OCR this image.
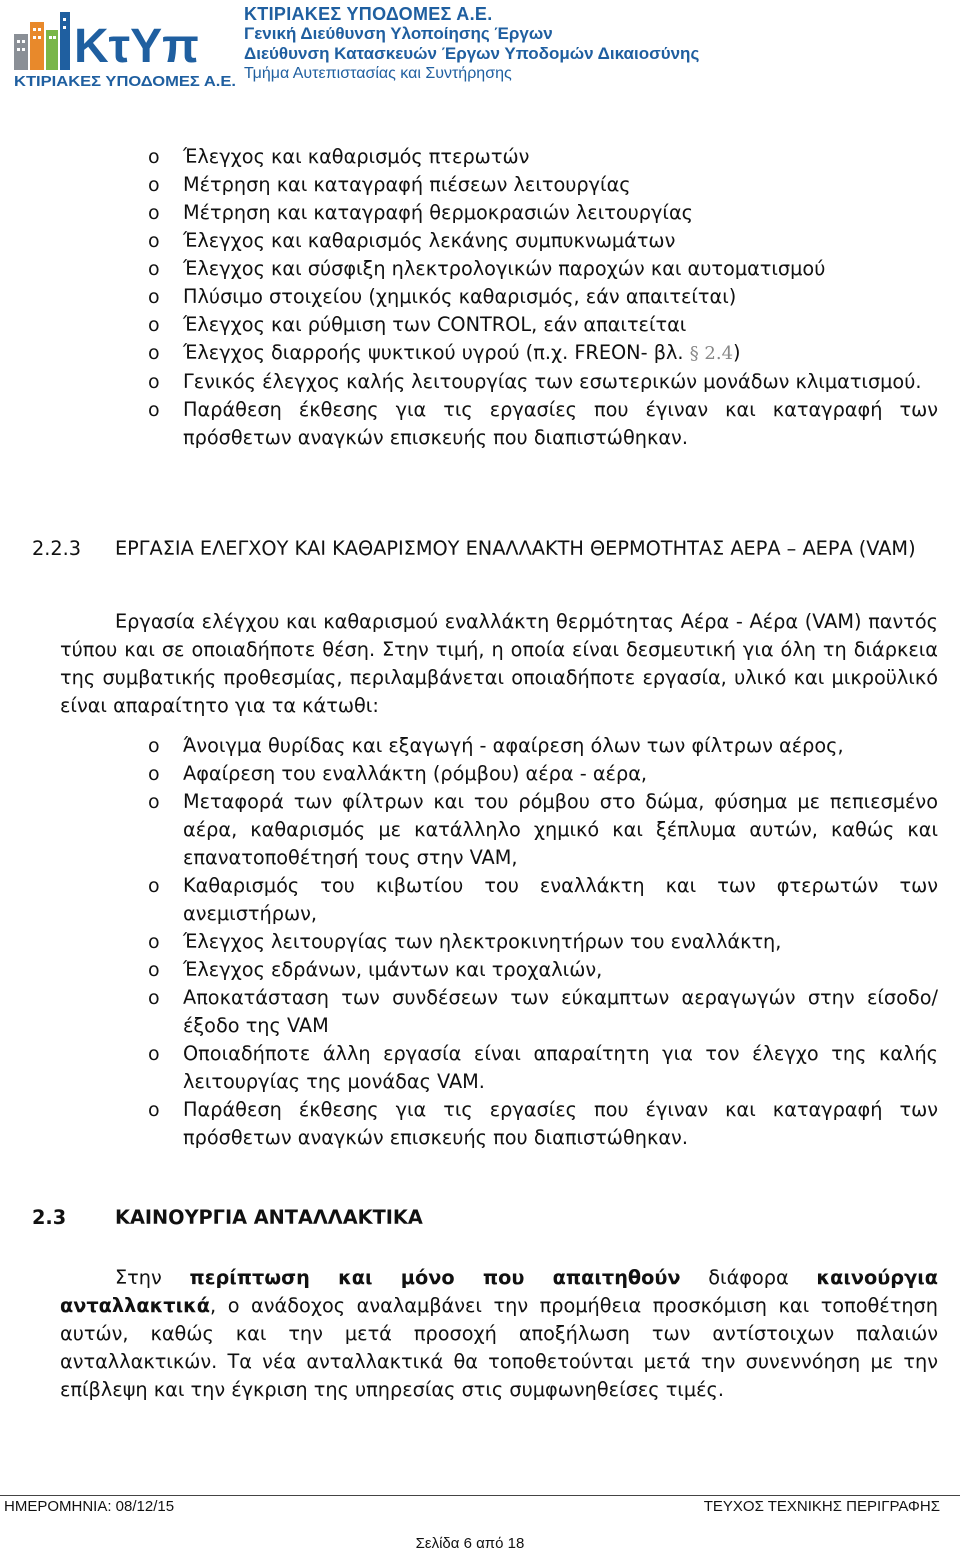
ΚτΥπ
ΚΤΙΡΙΑΚΕΣ ΥΠΟΔΟΜΕΣ Α.Ε.
ΚΤΙΡΙΑΚΕΣ ΥΠΟΔΟΜΕΣ Α.Ε.
Γενική Διεύθυνση Υλοποίησης Έργων
Διεύθυνση Κατασκευών Έργων Υποδομών Δικαιοσύνης
Τμήμα Αυτεπιστασίας και Συντήρησης
o Έλεγχος και καθαρισμός πτερωτών
o Μέτρηση και καταγραφή πιέσεων λειτουργίας
o Μέτρηση και καταγραφή θερμοκρασιών λειτουργίας
o Έλεγχος και καθαρισμός λεκάνης συμπυκνωμάτων
o Έλεγχος και σύσφιξη ηλεκτρολογικών παροχών και αυτοματισμού
o Πλύσιμο στοιχείου (χημικός καθαρισμός, εάν απαιτείται)
o Έλεγχος και ρύθμιση των CONTROL, εάν απαιτείται
o Έλεγχος διαρροής ψυκτικού υγρού (π.χ. FREON- βλ. § 2.4)
o Γενικός έλεγχος καλής λειτουργίας των εσωτερικών μονάδων κλιματισμού.
o Παράθεση έκθεσης για τις εργασίες που έγιναν και καταγραφή των πρόσθετων αναγκών επισκευής που διαπιστώθηκαν.
2.2.3 ΕΡΓΑΣΙΑ ΕΛΕΓΧΟΥ ΚΑΙ ΚΑΘΑΡΙΣΜΟΥ ΕΝΑΛΛΑΚΤΗ ΘΕΡΜΟΤΗΤΑΣ ΑΕΡΑ – ΑΕΡΑ (VAM)
Εργασία ελέγχου και καθαρισμού εναλλάκτη θερμότητας Αέρα - Αέρα (VAM) παντός τύπου και σε οποιαδήποτε θέση. Στην τιμή, η οποία είναι δεσμευτική για όλη τη διάρκεια της συμβατικής προθεσμίας, περιλαμβάνεται οποιαδήποτε εργασία, υλικό και μικροϋλικό είναι απαραίτητο για τα κάτωθι:
o Άνοιγμα θυρίδας και εξαγωγή - αφαίρεση όλων των φίλτρων αέρος,
o Αφαίρεση του εναλλάκτη (ρόμβου) αέρα - αέρα,
o Μεταφορά των φίλτρων και του ρόμβου στο δώμα, φύσημα με πεπιεσμένο αέρα, καθαρισμός με κατάλληλο χημικό και ξέπλυμα αυτών, καθώς και επανατοποθέτησή τους στην VAM,
o Καθαρισμός του κιβωτίου του εναλλάκτη και των φτερωτών των ανεμιστήρων,
o Έλεγχος λειτουργίας των ηλεκτροκινητήρων του εναλλάκτη,
o Έλεγχος εδράνων, ιμάντων και τροχαλιών,
o Αποκατάσταση των συνδέσεων των εύκαμπτων αεραγωγών στην είσοδο/έξοδο της VAM
o Οποιαδήποτε άλλη εργασία είναι απαραίτητη για τον έλεγχο της καλής λειτουργίας της μονάδας VAM.
o Παράθεση έκθεσης για τις εργασίες που έγιναν και καταγραφή των πρόσθετων αναγκών επισκευής που διαπιστώθηκαν.
2.3	ΚΑΙΝΟΥΡΓΙΑ ΑΝΤΑΛΛΑΚΤΙΚΑ
Στην περίπτωση και μόνο που απαιτηθούν διάφορα καινούργια ανταλλακτικά, ο ανάδοχος αναλαμβάνει την προμήθεια προσκόμιση και τοποθέτηση αυτών, καθώς και την μετά προσοχή αποξήλωση των αντίστοιχων παλαιών ανταλλακτικών. Τα νέα ανταλλακτικά θα τοποθετούνται μετά την συνεννόηση με την επίβλεψη και την έγκριση της υπηρεσίας στις συμφωνηθείσες τιμές.
ΗΜΕΡΟΜΗΝΙΑ: 08/12/15	ΤΕΥΧΟΣ ΤΕΧΝΙΚΗΣ ΠΕΡΙΓΡΑΦΗΣ
Σελίδα 6 από 18
